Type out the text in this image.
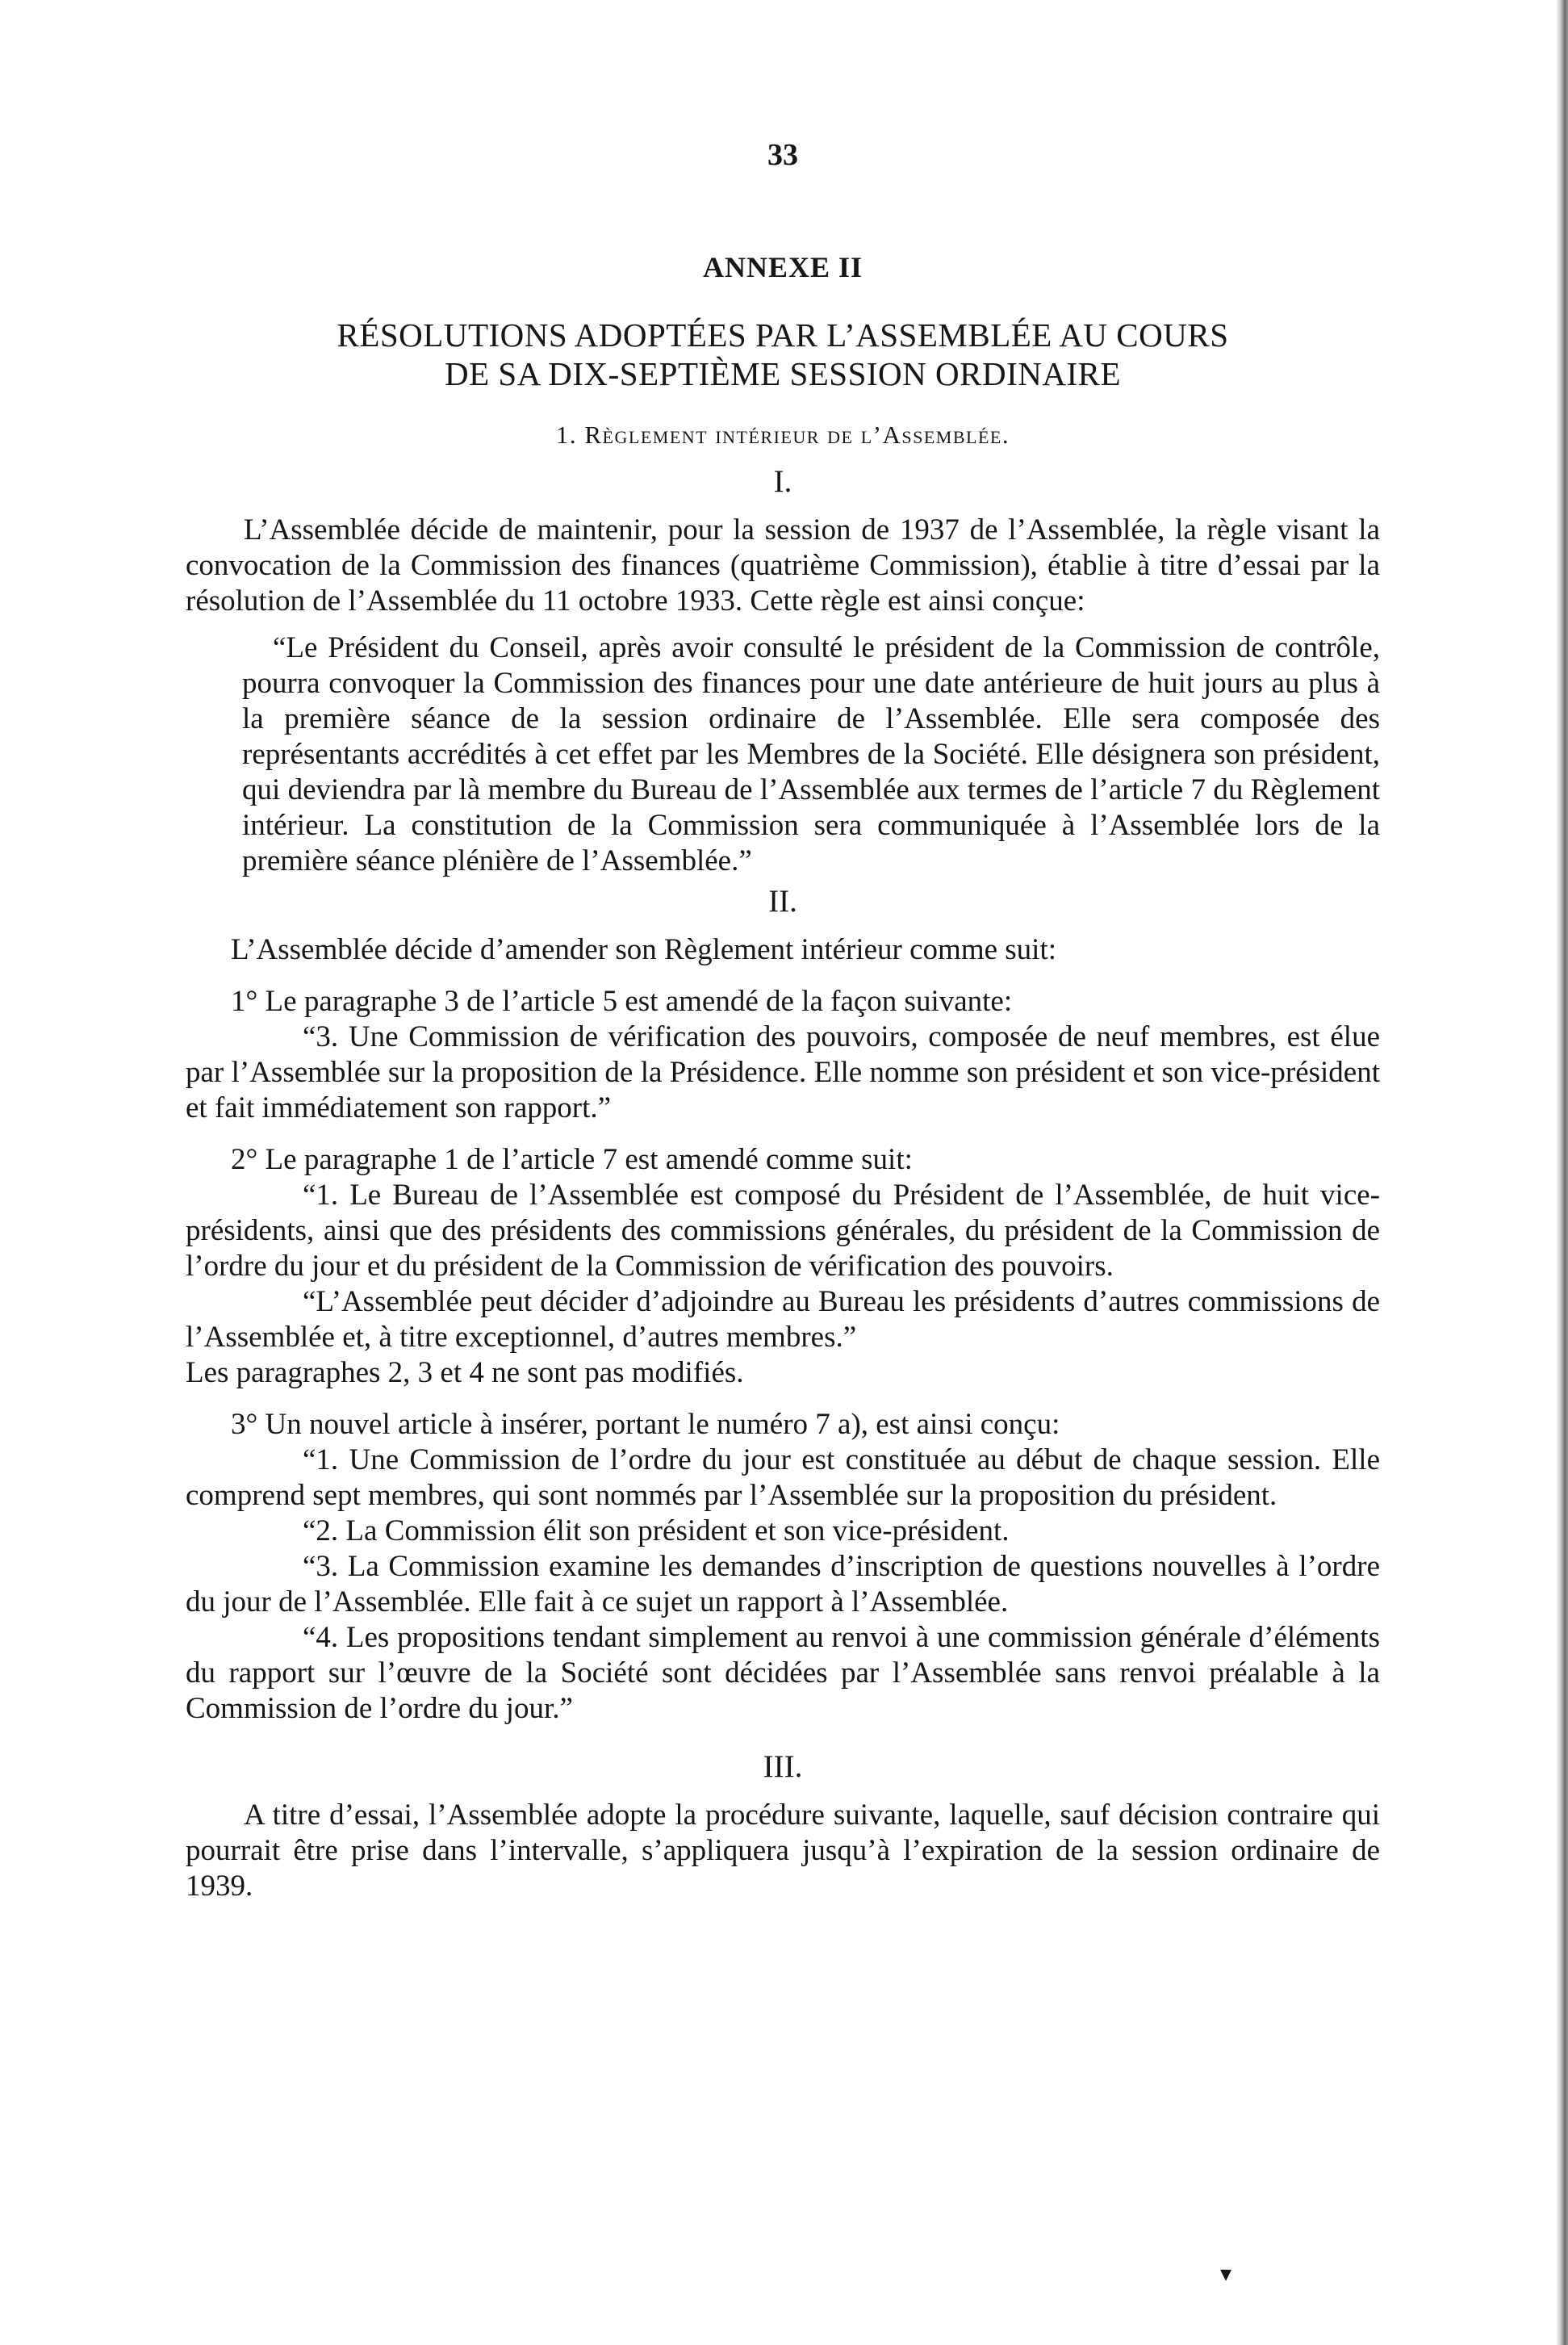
33
ANNEXE II
RÉSOLUTIONS ADOPTÉES PAR L’ASSEMBLÉE AU COURS
DE SA DIX-SEPTIÈME SESSION ORDINAIRE
1. Règlement intérieur de l’Assemblée.
I.

L’Assemblée décide de maintenir, pour la session de 1937 de l’Assemblée, la règle visant la convocation de la Commission des finances (quatrième Commission), établie à titre d’essai par la résolution de l’Assemblée du 11 octobre 1933. Cette règle est ainsi conçue:

“Le Président du Conseil, après avoir consulté le président de la Commission de contrôle, pourra convoquer la Commission des finances pour une date antérieure de huit jours au plus à la première séance de la session ordinaire de l’Assemblée. Elle sera composée des représentants accrédités à cet effet par les Membres de la Société. Elle désignera son président, qui deviendra par là membre du Bureau de l’Assemblée aux termes de l’article 7 du Règlement intérieur. La constitution de la Commission sera communiquée à l’Assemblée lors de la première séance plénière de l’Assemblée.”

II.

L’Assemblée décide d’amender son Règlement intérieur comme suit:

1° Le paragraphe 3 de l’article 5 est amendé de la façon suivante:

“3. Une Commission de vérification des pouvoirs, composée de neuf membres, est élue par l’Assemblée sur la proposition de la Présidence. Elle nomme son président et son vice-président et fait immédiatement son rapport.”

2° Le paragraphe 1 de l’article 7 est amendé comme suit:

“1. Le Bureau de l’Assemblée est composé du Président de l’Assemblée, de huit vice-présidents, ainsi que des présidents des commissions générales, du président de la Commission de l’ordre du jour et du président de la Commission de vérification des pouvoirs.

“L’Assemblée peut décider d’adjoindre au Bureau les présidents d’autres commissions de l’Assemblée et, à titre exceptionnel, d’autres membres.”

Les paragraphes 2, 3 et 4 ne sont pas modifiés.

3° Un nouvel article à insérer, portant le numéro 7 a), est ainsi conçu:

“1. Une Commission de l’ordre du jour est constituée au début de chaque session. Elle comprend sept membres, qui sont nommés par l’Assemblée sur la proposition du président.

“2. La Commission élit son président et son vice-président.

“3. La Commission examine les demandes d’inscription de questions nouvelles à l’ordre du jour de l’Assemblée. Elle fait à ce sujet un rapport à l’Assemblée.

“4. Les propositions tendant simplement au renvoi à une commission générale d’éléments du rapport sur l’œuvre de la Société sont décidées par l’Assemblée sans renvoi préalable à la Commission de l’ordre du jour.”

III.

A titre d’essai, l’Assemblée adopte la procédure suivante, laquelle, sauf décision contraire qui pourrait être prise dans l’intervalle, s’appliquera jusqu’à l’expiration de la session ordinaire de 1939.

▾
